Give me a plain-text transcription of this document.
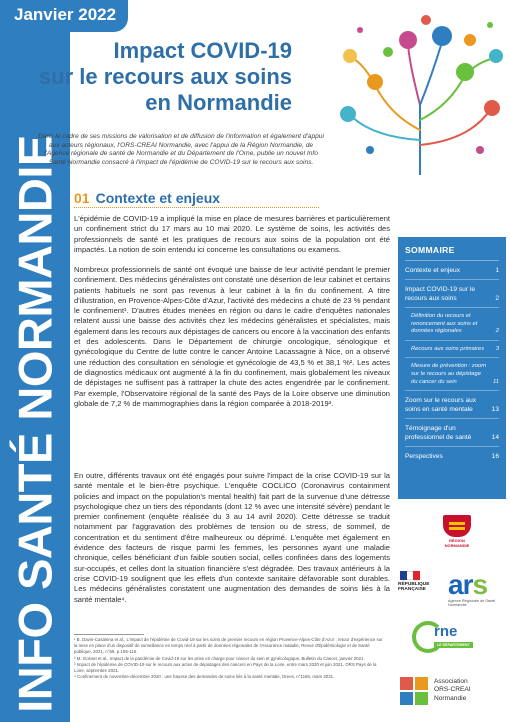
INFO SANTÉ NORMANDIE
Janvier 2022
Impact COVID-19
sur le recours aux soins
en Normandie
Dans le cadre de ses missions de valorisation et de diffusion de l'information et également d'appui aux acteurs régionaux, l'ORS-CREAI Normandie, avec l'appui de la Région Normandie, de l'Agence régionale de santé de Normandie et du Département de l'Orne, publie un nouvel Info Santé Normandie consacré à l'impact de l'épidémie de COVID-19 sur le recours aux soins.
01 Contexte et enjeux

L'épidémie de COVID-19 a impliqué la mise en place de mesures barrières et particulièrement un confinement strict du 17 mars au 10 mai 2020. Le système de soins, les activités des professionnels de santé et les pratiques de recours aux soins de la population ont été impactés. La notion de soin entendu ici concerne les consultations ou examens.

Nombreux professionnels de santé ont évoqué une baisse de leur activité pendant le premier confinement. Des médecins généralistes ont constaté une désertion de leur cabinet et certains patients habituels ne sont pas revenus à leur cabinet à la fin du confinement. A titre d'illustration, en Provence-Alpes-Côte d'Azur, l'activité des médecins a chuté de 23 % pendant le confinement¹. D'autres études menées en région ou dans le cadre d'enquêtes nationales relatent aussi une baisse des activités chez les médecins généralistes et spécialistes, mais également dans les recours aux dépistages de cancers ou encore à la vaccination des enfants et des adolescents. Dans le Département de chirurgie oncologique, sénologique et gynécologique du Centre de lutte contre le cancer Antoine Lacassagne à Nice, on a observé une réduction des consultation en sénologie et gynécologie de 43,5 % et 38,1 %². Les actes de diagnostics médicaux ont augmenté à la fin du confinement, mais globalement les niveaux de dépistages ne suffisent pas à rattraper la chute des actes engendrée par le confinement. Par exemple, l'Observatoire régional de la santé des Pays de la Loire observe une diminution globale de 7,2 % de mammographies dans la région comparée à 2018-2019³.

En outre, différents travaux ont été engagés pour suivre l'impact de la crise COVID-19 sur la santé mentale et le bien-être psychique. L'enquête COCLICO (Coronavirus containment policies and impact on the population's mental health) fait part de la survenue d'une détresse psychologique chez un tiers des répondants (dont 12 % avec une intensité sévère) pendant le premier confinement (enquête réalisée du 3 au 14 avril 2020). Cette détresse se traduit notamment par l'aggravation des problèmes de tension ou de stress, de sommeil, de concentration et du sentiment d'être malheureux ou déprimé. L'enquête met également en évidence des facteurs de risque parmi les femmes, les personnes ayant une maladie chronique, celles bénéficiant d'un faible soutien social, celles confinées dans des logements sur-occupés, et celles dont la situation financière s'est dégradée. Des travaux antérieurs à la crise COVID-19 soulignent que les effets d'un contexte sanitaire défavorable sont durables. Les médecins généralistes constatent une augmentation des demandes de soins liés à la santé mentale⁴.

SOMMAIRE
Contexte et enjeux	1
Impact COVID-19 sur le recours aux soins	2
Définition du recours et renoncement aux soins et données régionales	2
Recours aux soins primaires 3
Mesure de prévention : zoom sur le recours au dépistage du cancer du sein	11
Zoom sur le recours aux soins en santé mentale	13
Témoignage d'un professionnel de santé	14
Perspectives	16
¹ B. Davin-Casalena et al., L'impact de l'épidémie de Covid-19 sur les soins de premier recours en région Provence-Alpes-Côte d'Azur : retour d'expérience sur la mise en place d'un dispositif de surveillance en temps réel à partir de données régionales de l'Assurance maladie, Revue d'Épidémiologie et de Santé publique, 2021, n°69, p.105-115.
² M. Gosset et al., Impact de la pandémie de Covid-19 sur les prise en charge pour cancer du sein et gynécologique, Bulletin du Cancer, janvier 2021.
³ Impact de l'épidémie de COVID-19 sur le recours aux actes de dépistages des cancers en Pays de la Loire, entre mars 2020 et juin 2021, ORS Pays de la Loire, septembre 2021.
⁴ Confinement de novembre-décembre 2020 : une hausse des demandes de soins liés à la santé mentale, Drees, n°1186, mars 2021.
RÉGION NORMANDIE
RÉPUBLIQUE FRANÇAISE ars
Agence Régionale de Santé Normandie
rne
LE DÉPARTEMENT
Association
ORS-CREAI
Normandie
